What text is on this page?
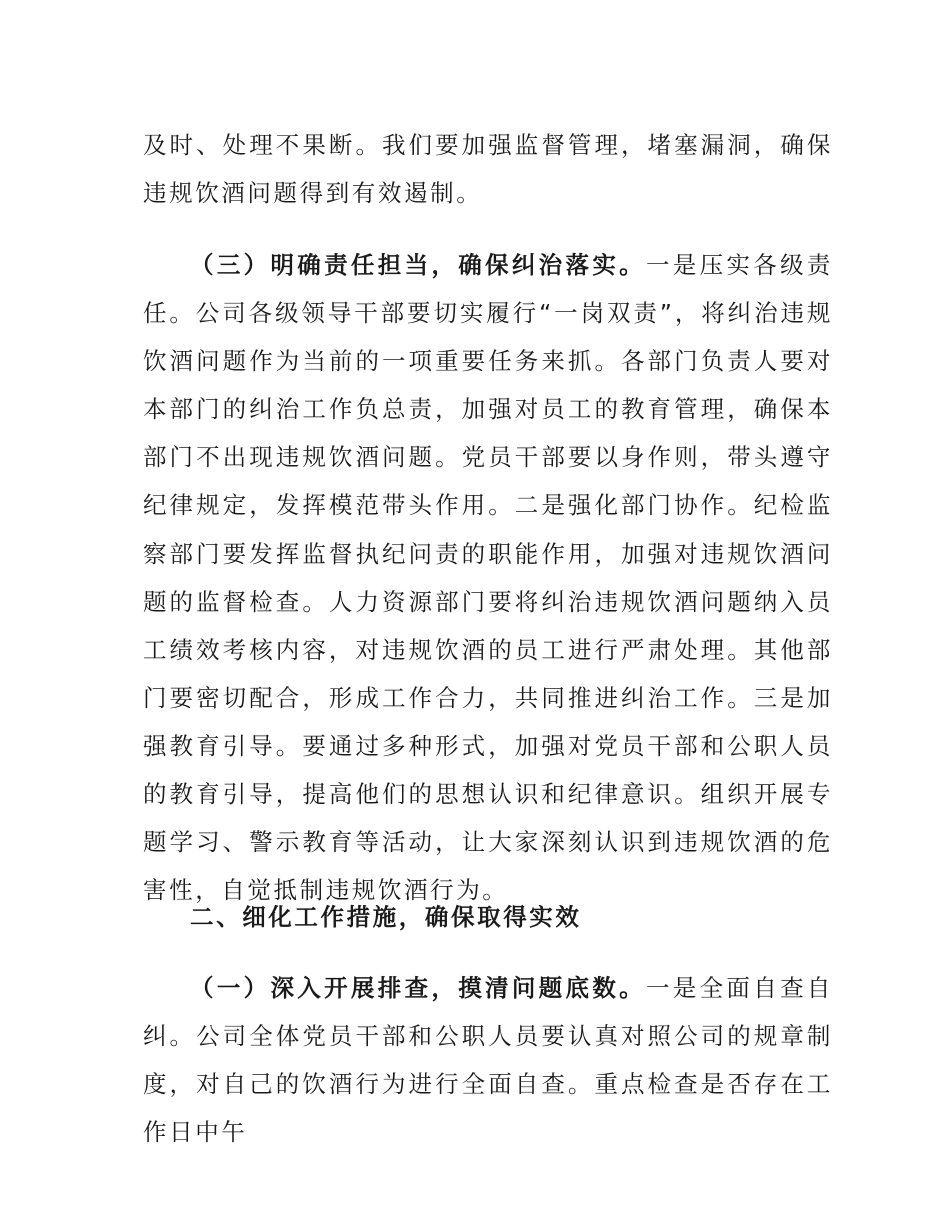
及时、处理不果断。我们要加强监督管理，堵塞漏洞，确保违规饮酒问题得到有效遏制。

（三）明确责任担当，确保纠治落实。一是压实各级责任。公司各级领导干部要切实履行“一岗双责”，将纠治违规饮酒问题作为当前的一项重要任务来抓。各部门负责人要对本部门的纠治工作负总责，加强对员工的教育管理，确保本部门不出现违规饮酒问题。党员干部要以身作则，带头遵守纪律规定，发挥模范带头作用。二是强化部门协作。纪检监察部门要发挥监督执纪问责的职能作用，加强对违规饮酒问题的监督检查。人力资源部门要将纠治违规饮酒问题纳入员工绩效考核内容，对违规饮酒的员工进行严肃处理。其他部门要密切配合，形成工作合力，共同推进纠治工作。三是加强教育引导。要通过多种形式，加强对党员干部和公职人员的教育引导，提高他们的思想认识和纪律意识。组织开展专题学习、警示教育等活动，让大家深刻认识到违规饮酒的危害性，自觉抵制违规饮酒行为。

二、细化工作措施，确保取得实效

（一）深入开展排查，摸清问题底数。一是全面自查自纠。公司全体党员干部和公职人员要认真对照公司的规章制度，对自己的饮酒行为进行全面自查。重点检查是否存在工作日中午
